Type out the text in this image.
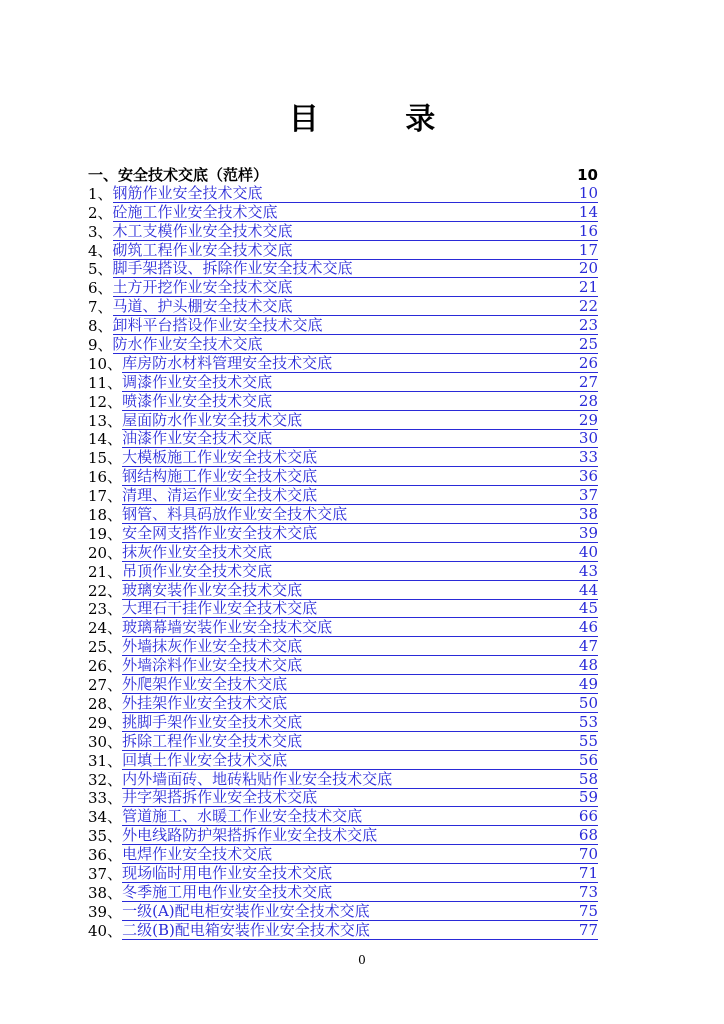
目 录
一、安全技术交底（范样）	10
1、 钢筋作业安全技术交底	10
2、 砼施工作业安全技术交底	14
3、 木工支模作业安全技术交底	16
4、 砌筑工程作业安全技术交底	17
5、 脚手架搭设、拆除作业安全技术交底	20
6、 土方开挖作业安全技术交底	21
7、 马道、护头棚安全技术交底	22
8、 卸料平台搭设作业安全技术交底	23
9、 防水作业安全技术交底	25
10、 库房防水材料管理安全技术交底	26
11、 调漆作业安全技术交底	27
12、 喷漆作业安全技术交底	28
13、 屋面防水作业安全技术交底	29
14、 油漆作业安全技术交底	30
15、 大模板施工作业安全技术交底	33
16、 钢结构施工作业安全技术交底	36
17、 清理、清运作业安全技术交底	37
18、 钢管、料具码放作业安全技术交底	38
19、 安全网支搭作业安全技术交底	39
20、 抹灰作业安全技术交底	40
21、 吊顶作业安全技术交底	43
22、 玻璃安装作业安全技术交底	44
23、 大理石干挂作业安全技术交底	45
24、 玻璃幕墙安装作业安全技术交底	46
25、 外墙抹灰作业安全技术交底	47
26、 外墙涂料作业安全技术交底	48
27、 外爬架作业安全技术交底	49
28、 外挂架作业安全技术交底	50
29、 挑脚手架作业安全技术交底	53
30、 拆除工程作业安全技术交底	55
31、 回填土作业安全技术交底	56
32、 内外墙面砖、地砖粘贴作业安全技术交底	58
33、 井字架搭拆作业安全技术交底	59
34、 管道施工、水暖工作业安全技术交底	66
35、 外电线路防护架搭拆作业安全技术交底	68
36、 电焊作业安全技术交底	70
37、 现场临时用电作业安全技术交底	71
38、 冬季施工用电作业安全技术交底	73
39、 一级(A)配电柜安装作业安全技术交底	75
40、 二级(B)配电箱安装作业安全技术交底	77
0
